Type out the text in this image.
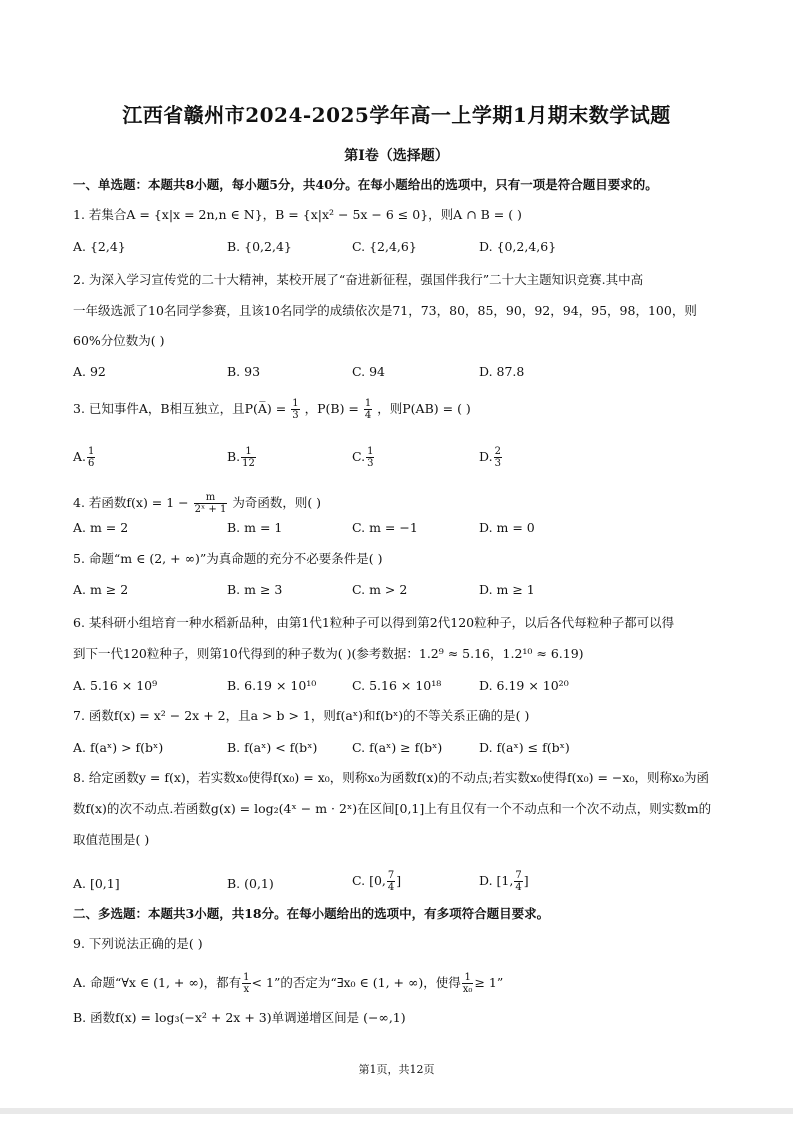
江西省赣州市2024-2025学年高一上学期1月期末数学试题
第I卷（选择题）
一、单选题：本题共8小题，每小题5分，共40分。在每小题给出的选项中，只有一项是符合题目要求的。
1. 若集合A = {x|x = 2n,n ∈ N}，B = {x|x² − 5x − 6 ≤ 0}，则A ∩ B = ( )
A. {2,4}	B. {0,2,4}	C. {2,4,6}	D. {0,2,4,6}
2. 为深入学习宣传党的二十大精神，某校开展了“奋进新征程，强国伴我行”二十大主题知识竞赛.其中高
一年级选派了10名同学参赛，且该10名同学的成绩依次是71，73，80，85，90，92，94，95，98，100，则
60%分位数为( )
A. 92	B. 93	C. 94	D. 87.8
3. 已知事件A，B相互独立，且P(A̅) = $\frac{1}{3}$ ，$P(B) = \frac{1}{4}$ ，则P(AB) = ( )
A. $\frac{1}{6}$	B. $\frac{1}{12}$	C. $\frac{1}{3}$	D. $\frac{2}{3}$
4. 若函数$f(x) = 1 - \frac{m}{\text{2ˣ + 1}}$ 为奇函数，则( )
A. m = 2	B. m = 1	C. m = −1	D. m = 0
5. 命题“m ∈ (2, + ∞)”为真命题的充分不必要条件是( )
A. m ≥ 2	B. m ≥ 3	C. m > 2	D. m ≥ 1
6. 某科研小组培育一种水稻新品种，由第1代1粒种子可以得到第2代120粒种子，以后各代每粒种子都可以得
到下一代120粒种子，则第10代得到的种子数为( )(参考数据：1.2⁹ ≈ 5.16，1.2¹⁰ ≈ 6.19)
A. 5.16 × 10⁹	B. 6.19 × 10¹⁰	C. 5.16 × 10¹⁸	D. 6.19 × 10²⁰
7. 函数f(x) = x² − 2x + 2，且a > b > 1，则f(aˣ)和f(bˣ)的不等关系正确的是( )
A. f(aˣ) > f(bˣ)	B. f(aˣ) < f(bˣ)	C. f(aˣ) ≥ f(bˣ)	D. f(aˣ) ≤ f(bˣ)
8. 给定函数y = f(x)，若实数x₀使得f(x₀) = x₀，则称x₀为函数f(x)的不动点;若实数x₀使得f(x₀) = −x₀，则称x₀为函
数f(x)的次不动点.若函数g(x) = log₂(4ˣ − m · 2ˣ)在区间[0,1]上有且仅有一个不动点和一个次不动点，则实数m的
取值范围是( )
A. [0,1]	B. (0,1)	C. [0, $\frac{7}{4}$ ]	D. [1, $\frac{7}{4}$ ]
二、多选题：本题共3小题，共18分。在每小题给出的选项中，有多项符合题目要求。
9. 下列说法正确的是( )
A. 命题“∀x ∈ (1, + ∞)，都有 $\frac{1}{x} < 1$”的否定为“∃x₀ ∈ (1, + ∞)，使得 $\frac{1}{\text{x₀}} \ge 1$”
B. 函数f(x) = log₃(−x² + 2x + 3)单调递增区间是 (−∞,1)
第1页，共12页
